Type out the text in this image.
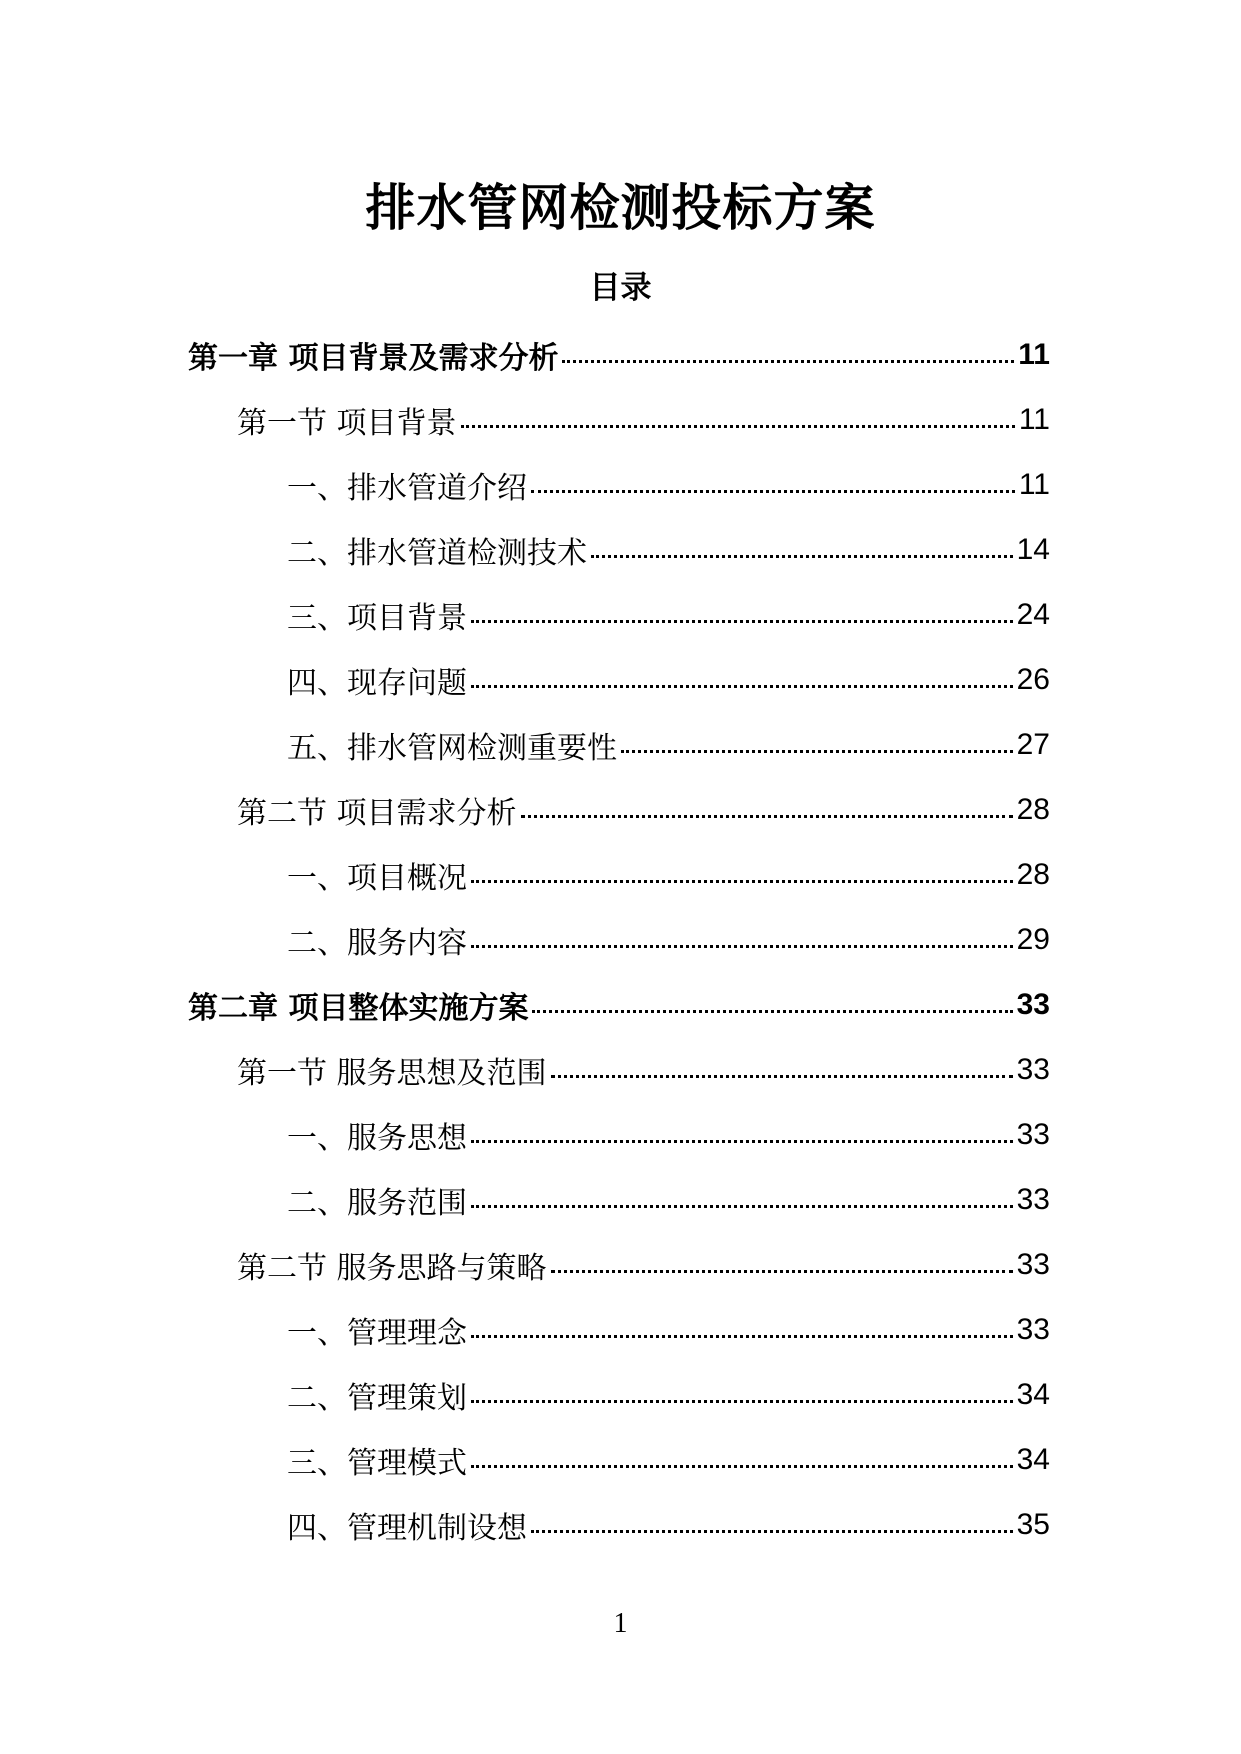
排水管网检测投标方案
目录
第一章 项目背景及需求分析	11
第一节 项目背景	11
一、排水管道介绍	11
二、排水管道检测技术	14
三、项目背景	24
四、现存问题	26
五、排水管网检测重要性	27
第二节 项目需求分析	28
一、项目概况	28
二、服务内容	29
第二章 项目整体实施方案	33
第一节 服务思想及范围	33
一、服务思想	33
二、服务范围	33
第二节 服务思路与策略	33
一、管理理念	33
二、管理策划	34
三、管理模式	34
四、管理机制设想	35
1
